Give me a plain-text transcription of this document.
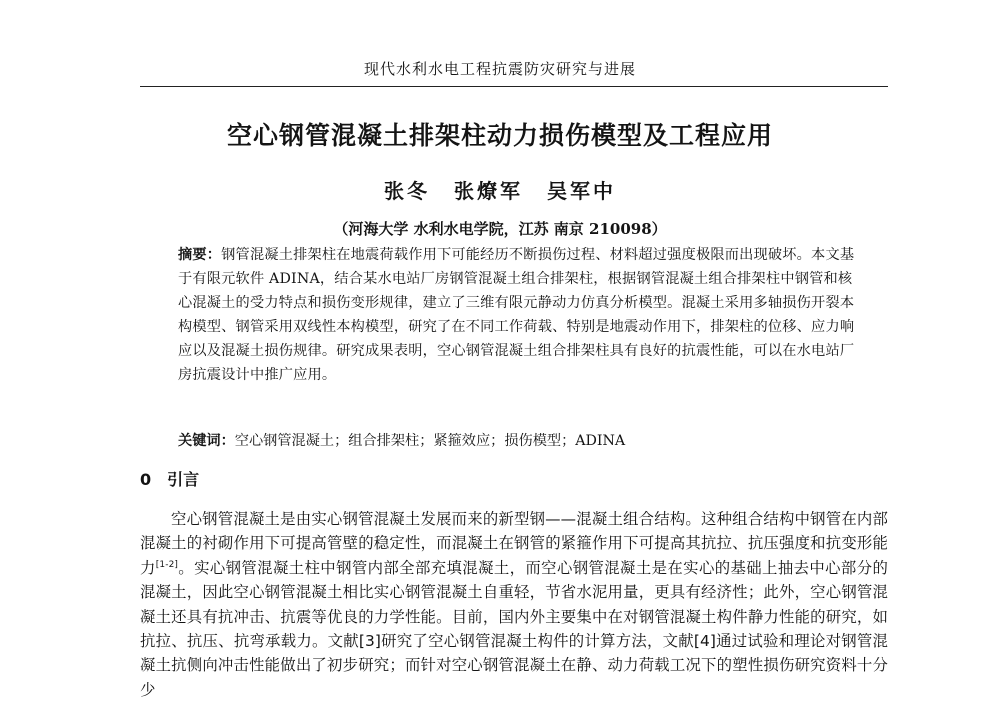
现代水利水电工程抗震防灾研究与进展
空心钢管混凝土排架柱动力损伤模型及工程应用
张冬 张燎军 吴军中
（河海大学 水利水电学院，江苏 南京 210098）
摘要：钢管混凝土排架柱在地震荷载作用下可能经历不断损伤过程、材料超过强度极限而出现破坏。本文基于有限元软件 ADINA，结合某水电站厂房钢管混凝土组合排架柱，根据钢管混凝土组合排架柱中钢管和核心混凝土的受力特点和损伤变形规律，建立了三维有限元静动力仿真分析模型。混凝土采用多轴损伤开裂本构模型、钢管采用双线性本构模型，研究了在不同工作荷载、特别是地震动作用下，排架柱的位移、应力响应以及混凝土损伤规律。研究成果表明，空心钢管混凝土组合排架柱具有良好的抗震性能，可以在水电站厂房抗震设计中推广应用。
关键词：空心钢管混凝土；组合排架柱；紧箍效应；损伤模型；ADINA
0 引言
空心钢管混凝土是由实心钢管混凝土发展而来的新型钢——混凝土组合结构。这种组合结构中钢管在内部混凝土的衬砌作用下可提高管壁的稳定性，而混凝土在钢管的紧箍作用下可提高其抗拉、抗压强度和抗变形能力[1-2]。实心钢管混凝土柱中钢管内部全部充填混凝土，而空心钢管混凝土是在实心的基础上抽去中心部分的混凝土，因此空心钢管混凝土相比实心钢管混凝土自重轻，节省水泥用量，更具有经济性；此外，空心钢管混凝土还具有抗冲击、抗震等优良的力学性能。目前，国内外主要集中在对钢管混凝土构件静力性能的研究，如抗拉、抗压、抗弯承载力。文献[3]研究了空心钢管混凝土构件的计算方法，文献[4]通过试验和理论对钢管混凝土抗侧向冲击性能做出了初步研究；而针对空心钢管混凝土在静、动力荷载工况下的塑性损伤研究资料十分少
